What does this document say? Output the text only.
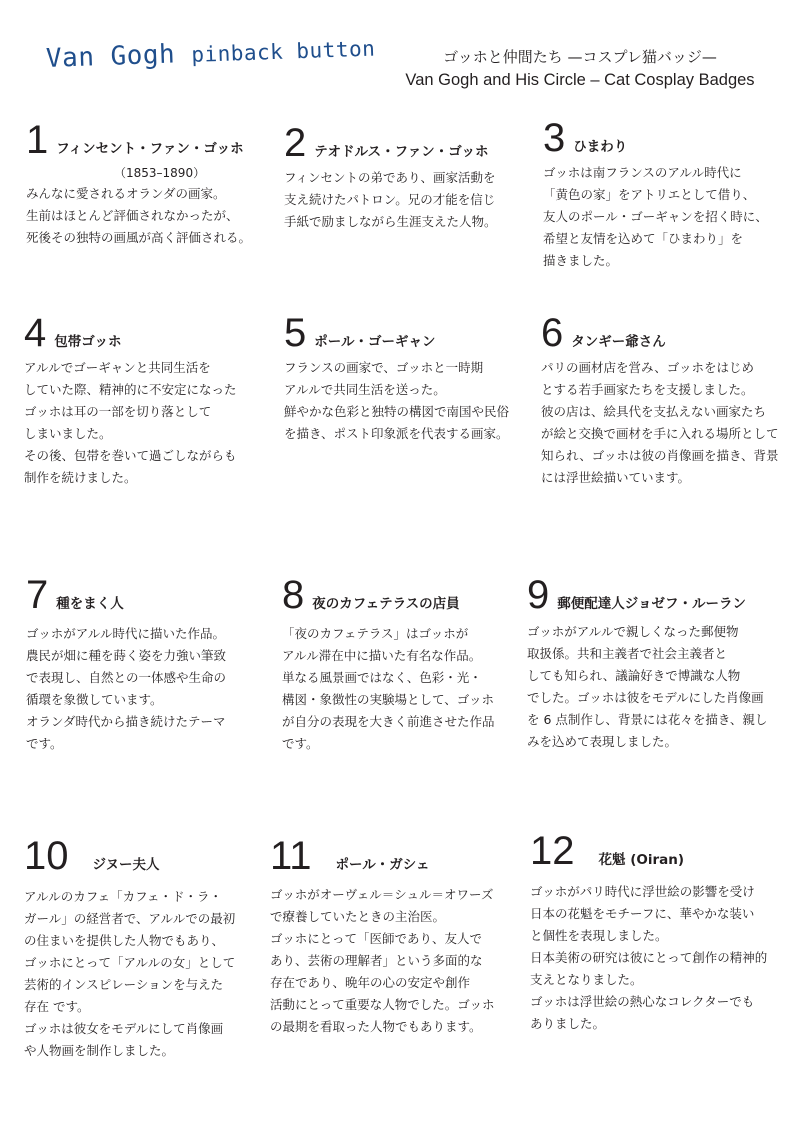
Van Gogh pinback button	ゴッホと仲間たち —コスプレ猫バッジ—
Van Gogh and His Circle – Cat Cosplay Badges
1 フィンセント・ファン・ゴッホ
（1853–1890）
みんなに愛されるオランダの画家。
生前はほとんど評価されなかったが、
死後その独特の画風が高く評価される。
2 テオドルス・ファン・ゴッホ
フィンセントの弟であり、画家活動を
支え続けたパトロン。兄の才能を信じ
手紙で励ましながら生涯支えた人物。
3 ひまわり
ゴッホは南フランスのアルル時代に
「黄色の家」をアトリエとして借り、
友人のポール・ゴーギャンを招く時に、
希望と友情を込めて「ひまわり」を
描きました。
4 包帯ゴッホ
アルルでゴーギャンと共同生活を
していた際、精神的に不安定になった
ゴッホは耳の一部を切り落として
しまいました。
その後、包帯を巻いて過ごしながらも
制作を続けました。
5 ポール・ゴーギャン
フランスの画家で、ゴッホと一時期
アルルで共同生活を送った。
鮮やかな色彩と独特の構図で南国や民俗
を描き、ポスト印象派を代表する画家。
6 タンギー爺さん
パリの画材店を営み、ゴッホをはじめ
とする若手画家たちを支援しました。
彼の店は、絵具代を支払えない画家たち
が絵と交換で画材を手に入れる場所として
知られ、ゴッホは彼の肖像画を描き、背景
には浮世絵描いています。
7 種をまく人
ゴッホがアルル時代に描いた作品。
農民が畑に種を蒔く姿を力強い筆致
で表現し、自然との一体感や生命の
循環を象徴しています。
オランダ時代から描き続けたテーマ
です。
8 夜のカフェテラスの店員
「夜のカフェテラス」はゴッホが
アルル滞在中に描いた有名な作品。
単なる風景画ではなく、色彩・光・
構図・象徴性の実験場として、ゴッホ
が自分の表現を大きく前進させた作品
です。
9 郵便配達人ジョゼフ・ルーラン
ゴッホがアルルで親しくなった郵便物
取扱係。共和主義者で社会主義者と
しても知られ、議論好きで博識な人物
でした。ゴッホは彼をモデルにした肖像画
を 6 点制作し、背景には花々を描き、親し
みを込めて表現しました。
10 ジヌー夫人
アルルのカフェ「カフェ・ド・ラ・
ガール」の経営者で、アルルでの最初
の住まいを提供した人物でもあり、
ゴッホにとって「アルルの女」として
芸術的インスピレーションを与えた
存在 です。
ゴッホは彼女をモデルにして肖像画
や人物画を制作しました。
11 ポール・ガシェ
ゴッホがオーヴェル＝シュル＝オワーズ
で療養していたときの主治医。
ゴッホにとって「医師であり、友人で
あり、芸術の理解者」という多面的な
存在であり、晩年の心の安定や創作
活動にとって重要な人物でした。ゴッホ
の最期を看取った人物でもあります。
12 花魁 (Oiran)
ゴッホがパリ時代に浮世絵の影響を受け
日本の花魁をモチーフに、華やかな装い
と個性を表現しました。
日本美術の研究は彼にとって創作の精神的
支えとなりました。
ゴッホは浮世絵の熱心なコレクターでも
ありました。
